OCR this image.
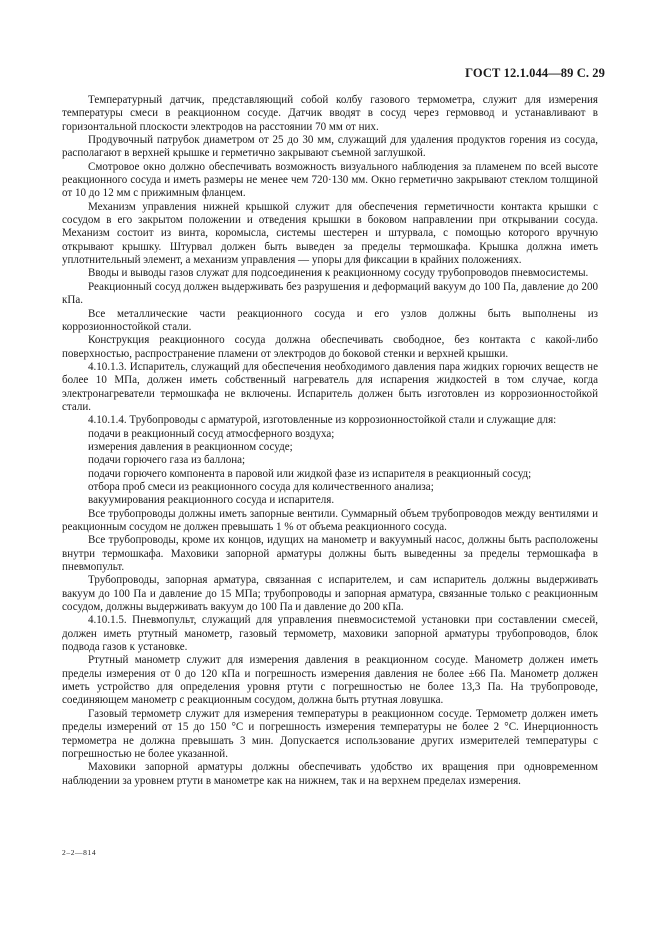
ГОСТ 12.1.044—89 С. 29

Температурный датчик, представляющий собой колбу газового термометра, служит для измерения температуры смеси в реакционном сосуде. Датчик вводят в сосуд через гермоввод и устанавливают в горизонтальной плоскости электродов на расстоянии 70 мм от них.

Продувочный патрубок диаметром от 25 до 30 мм, служащий для удаления продуктов горения из сосуда, располагают в верхней крышке и герметично закрывают съемной заглушкой.

Смотровое окно должно обеспечивать возможность визуального наблюдения за пламенем по всей высоте реакционного сосуда и иметь размеры не менее чем 720·130 мм. Окно герметично закрывают стеклом толщиной от 10 до 12 мм с прижимным фланцем.

Механизм управления нижней крышкой служит для обеспечения герметичности контакта крышки с сосудом в его закрытом положении и отведения крышки в боковом направлении при открывании сосуда. Механизм состоит из винта, коромысла, системы шестерен и штурвала, с помощью которого вручную открывают крышку. Штурвал должен быть выведен за пределы термошкафа. Крышка должна иметь уплотнительный элемент, а механизм управления — упоры для фиксации в крайних положениях.

Вводы и выводы газов служат для подсоединения к реакционному сосуду трубопроводов пневмосистемы.

Реакционный сосуд должен выдерживать без разрушения и деформаций вакуум до 100 Па, давление до 200 кПа.

Все металлические части реакционного сосуда и его узлов должны быть выполнены из коррозионностойкой стали.

Конструкция реакционного сосуда должна обеспечивать свободное, без контакта с какой-либо поверхностью, распространение пламени от электродов до боковой стенки и верхней крышки.

4.10.1.3. Испаритель, служащий для обеспечения необходимого давления пара жидких горючих веществ не более 10 МПа, должен иметь собственный нагреватель для испарения жидкостей в том случае, когда электронагреватели термошкафа не включены. Испаритель должен быть изготовлен из коррозионностойкой стали.

4.10.1.4. Трубопроводы с арматурой, изготовленные из коррозионностойкой стали и служащие для:

подачи в реакционный сосуд атмосферного воздуха;

измерения давления в реакционном сосуде;

подачи горючего газа из баллона;

подачи горючего компонента в паровой или жидкой фазе из испарителя в реакционный сосуд;

отбора проб смеси из реакционного сосуда для количественного анализа;

вакуумирования реакционного сосуда и испарителя.

Все трубопроводы должны иметь запорные вентили. Суммарный объем трубопроводов между вентилями и реакционным сосудом не должен превышать 1 % от объема реакционного сосуда.

Все трубопроводы, кроме их концов, идущих на манометр и вакуумный насос, должны быть расположены внутри термошкафа. Маховики запорной арматуры должны быть выведенны за пределы термошкафа в пневмопульт.

Трубопроводы, запорная арматура, связанная с испарителем, и сам испаритель должны выдерживать вакуум до 100 Па и давление до 15 МПа; трубопроводы и запорная арматура, связанные только с реакционным сосудом, должны выдерживать вакуум до 100 Па и давление до 200 кПа.

4.10.1.5. Пневмопульт, служащий для управления пневмосистемой установки при составлении смесей, должен иметь ртутный манометр, газовый термометр, маховики запорной арматуры трубопроводов, блок подвода газов к установке.

Ртутный манометр служит для измерения давления в реакционном сосуде. Манометр должен иметь пределы измерения от 0 до 120 кПа и погрешность измерения давления не более ±66 Па. Манометр должен иметь устройство для определения уровня ртути с погрешностью не более 13,3 Па. На трубопроводе, соединяющем манометр с реакционным сосудом, должна быть ртутная ловушка.

Газовый термометр служит для измерения температуры в реакционном сосуде. Термометр должен иметь пределы измерений от 15 до 150 °С и погрешность измерения температуры не более 2 °С. Инерционность термометра не должна превышать 3 мин. Допускается использование других измерителей температуры с погрешностью не более указанной.

Маховики запорной арматуры должны обеспечивать удобство их вращения при одновременном наблюдении за уровнем ртути в манометре как на нижнем, так и на верхнем пределах измерения.

2–2—814
